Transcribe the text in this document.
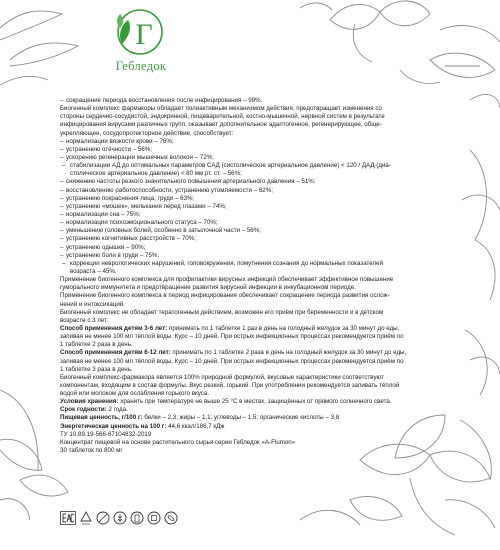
Г
Гебледок
– сокращение периода восстановления после инфицирования – 99%.
Биогенный комплекс фармакоры обладает полиактивным механизмом действия, предотвращает изменения со
стороны сердечно-сосудистой, эндокринной, пищеварительной, костно-мышечной, нервной систем в результате
инфицирования вирусами различных групп, оказывает дополнительное адаптогенное, регенерирующее, обще-
укрепляющее, сосудопротекторное действие, способствует:
– нормализации вязкости крови – 76%;
– устранению отёчности – 56%;
– ускорению регенерации мышечных волокон – 72%;
– стабилизации АД до оптимальных параметров САД (систолическое артериальное давление) < 120 / ДАД (диа-
столическое артериальное давление) < 80 мм рт. ст. – 56%;
– снижению частоты резкого значительного повышения артериального давления – 51%;
– восстановлению работоспособности, устранению утомляемости – 62%;
– устранению покраснения лица, груди – 63%;
– устранению «мошек», мелькания перед глазами – 74%;
– нормализации сна – 75%;
– нормализации психоэмоционального статуса – 70%;
– уменьшению головных болей, особенно в затылочной части – 56%;
– устранению когнитивных расстройств – 70%;
– устранению одышки – 90%;
– устранению боли в груди – 75%;
– коррекции неврологических нарушений, головокружения, помутнения сознания до нормальных показателей
возраста – 45%.
Применение биогенного комплекса для профилактики вирусных инфекций обеспечивает эффективное повышение
гуморального иммунитета и предотвращение развития вирусной инфекции в инкубационном периоде.
Применение биогенного комплекса в период инфицирования обеспечивает сокращение периода развития ослож-
нений и интоксикаций.
Биогенный комплекс не обладает тератогенным действием, возможен его приём при беременности и в детском
возрасте с 3 лет.
Способ применения детям 3-6 лет: принимать по 1 таблетке 1 раз в день на голодный желудок за 30 минут до еды,
запивая не менее 100 мл тёплой воды. Курс – 10 дней. При острых инфекционных процессах рекомендуется приём по
1 таблетке 2 раза в день.
Способ применения детям 6-12 лет: принимать по 1 таблетке 2 раза в день на голодный желудок за 30 минут до еды,
запивая не менее 100 мл тёплой воды. Курс – 10 дней. При острых инфекционных процессах рекомендуется приём по
1 таблетке 3 раза в день.
Биогенный комплекс-фармакора является 100% природной формулой, вкусовые характеристики соответствуют
компонентам, входящим в состав формулы. Вкус резкий, горький. При употреблении рекомендуется запивать тёплой
водой или молоком для ослабления горького вкуса.
Условия хранения: хранить при температуре не выше 25 °С в местах, защищённых от прямого солнечного света.
Срок годности: 2 года.
Пищевая ценность, г/100 г: белки – 2,3; жиры – 1,1; углеводы – 1,5; органические кислоты – 3,8
Энергетическая ценность на 100 г: 44,6 ккал/186,7 кДж
ТУ 10.89.19-566-67104832-2019
Концентрат пищевой на основе растительного сырья серии Гебледок «А-Flumon»
30 таблеток по 800 мг
